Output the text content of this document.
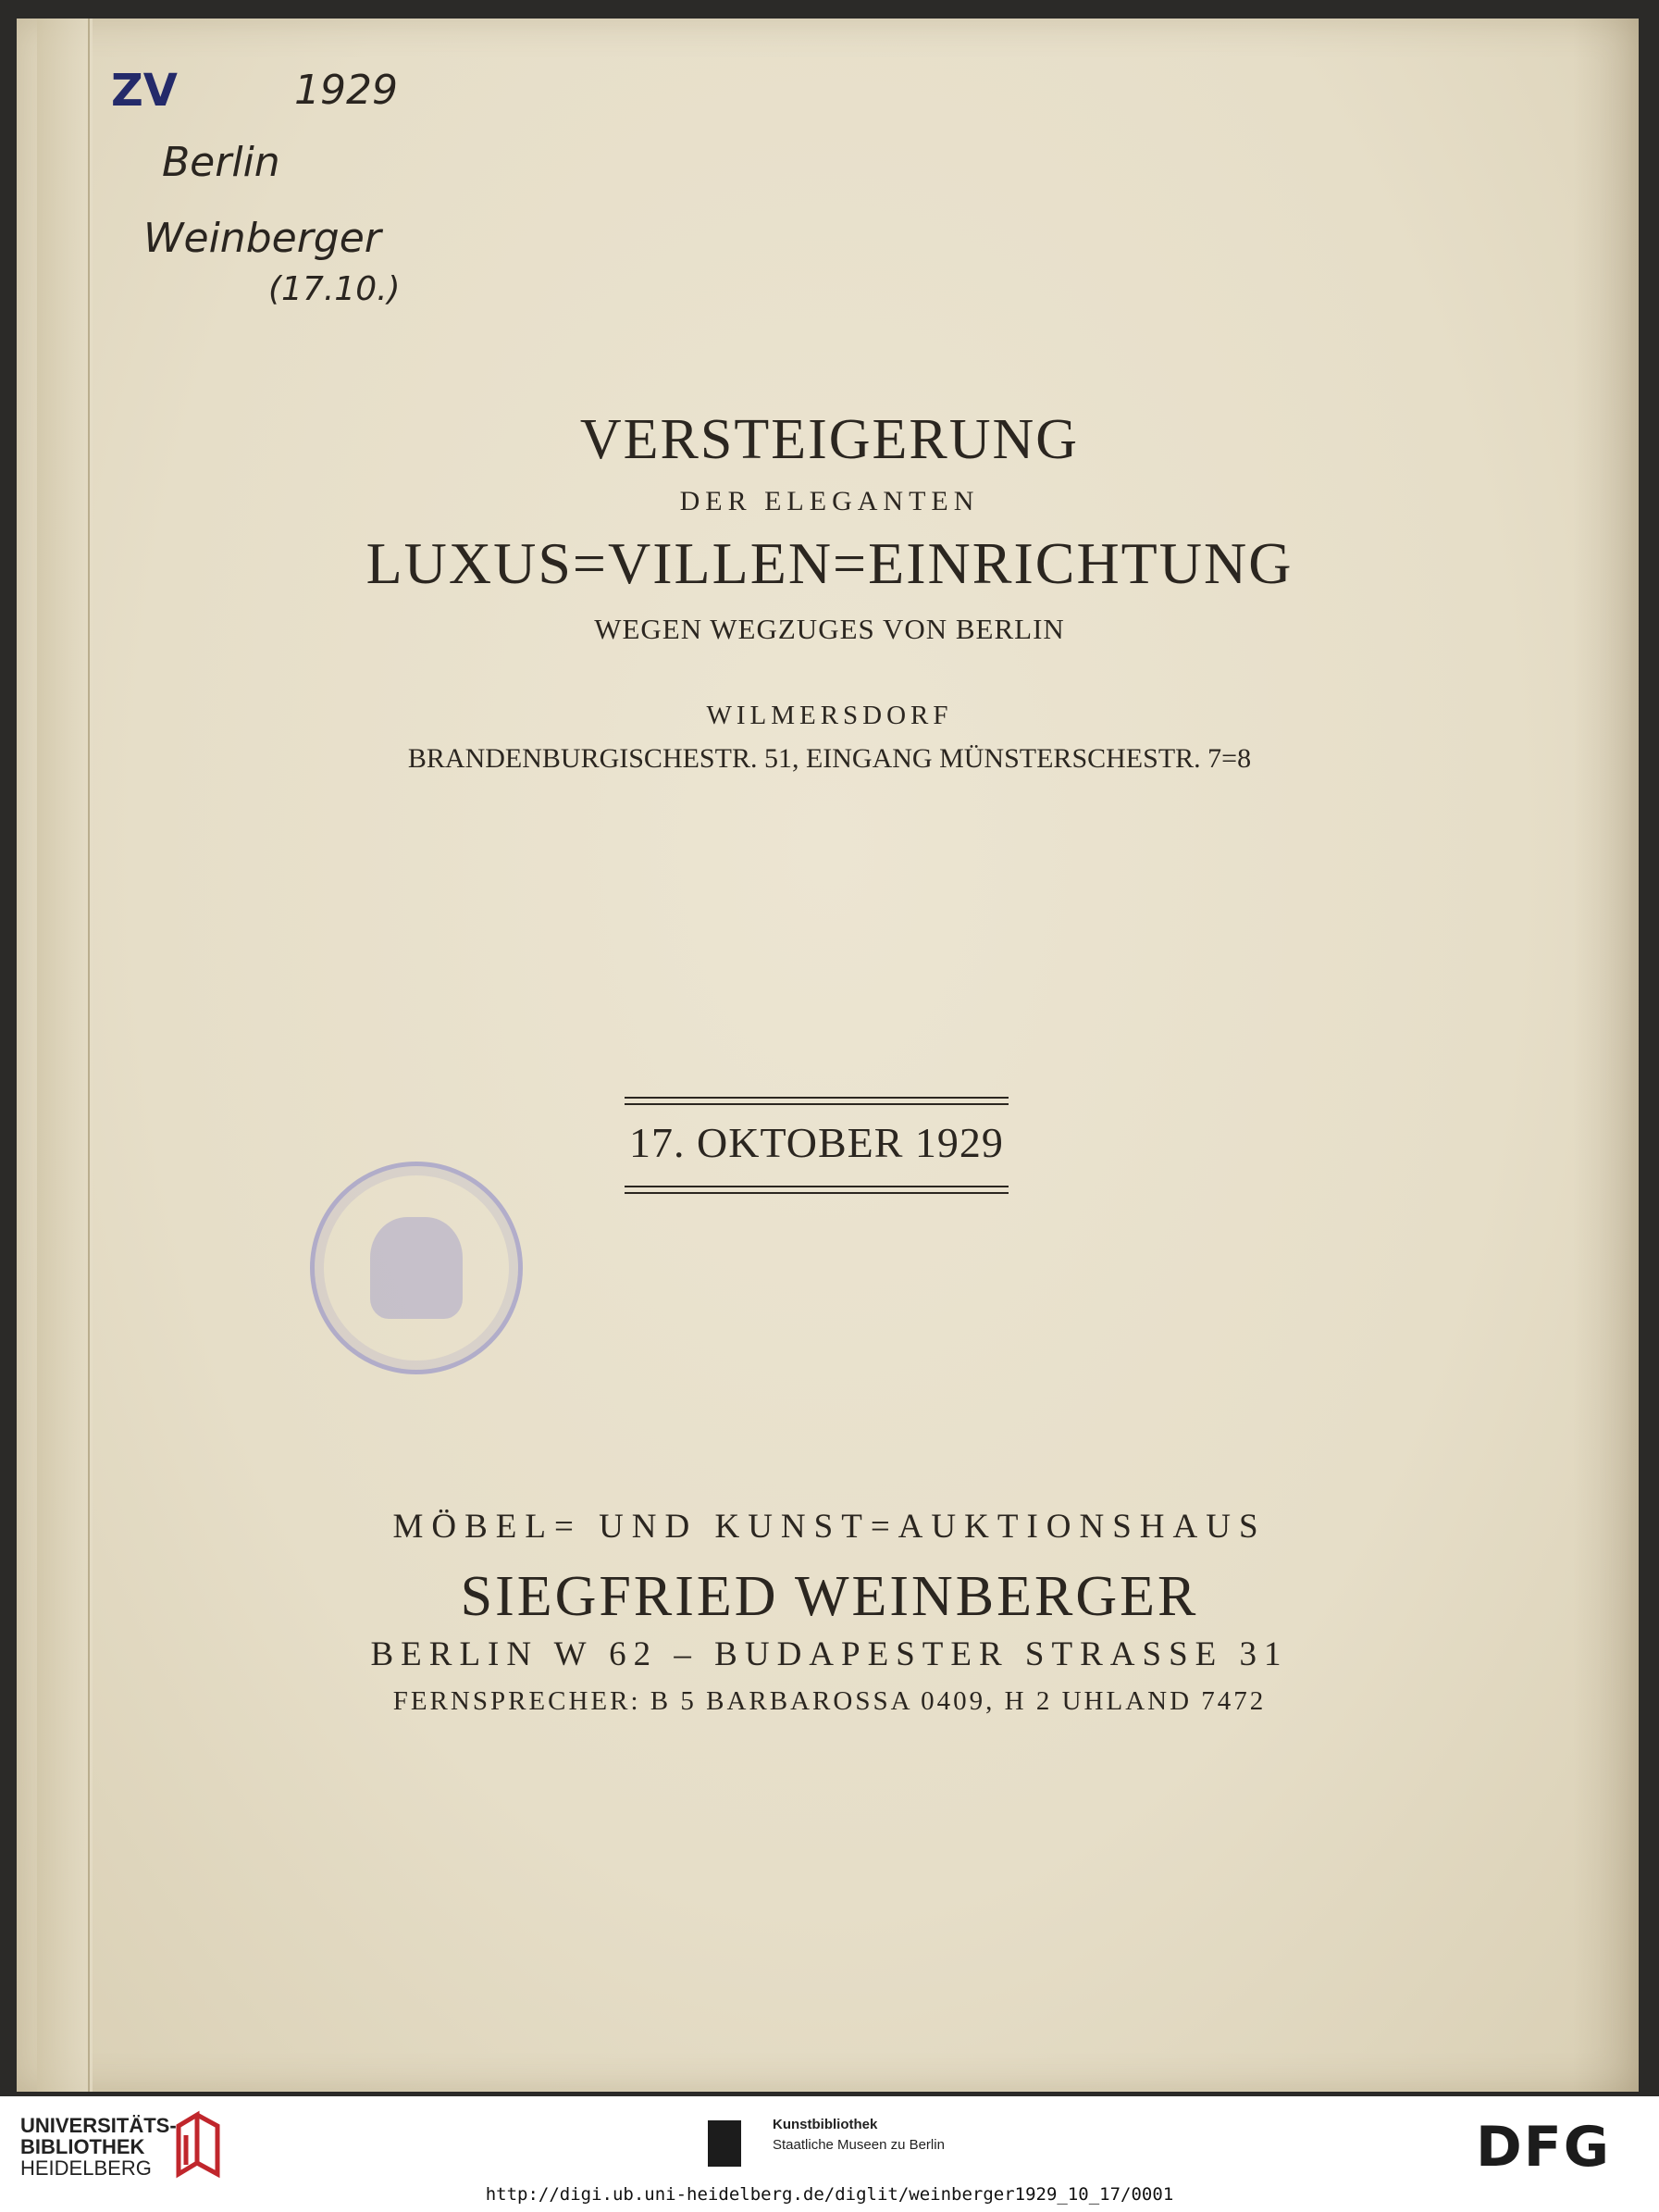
ZV	1929
Berlin
Weinberger
(17.10.)
VERSTEIGERUNG
DER ELEGANTEN
LUXUS=VILLEN=EINRICHTUNG
WEGEN WEGZUGES VON BERLIN
WILMERSDORF
BRANDENBURGISCHESTR. 51, EINGANG MÜNSTERSCHESTR. 7=8
17. OKTOBER 1929
MÖBEL= UND KUNST=AUKTIONSHAUS
SIEGFRIED WEINBERGER
BERLIN W 62 – BUDAPESTER STRASSE 31
FERNSPRECHER: B 5 BARBAROSSA 0409, H 2 UHLAND 7472
UNIVERSITÄTS-
BIBLIOTHEK
HEIDELBERG
Kunstbibliothek
Staatliche Museen zu Berlin	DFG
http://digi.ub.uni-heidelberg.de/diglit/weinberger1929_10_17/0001
